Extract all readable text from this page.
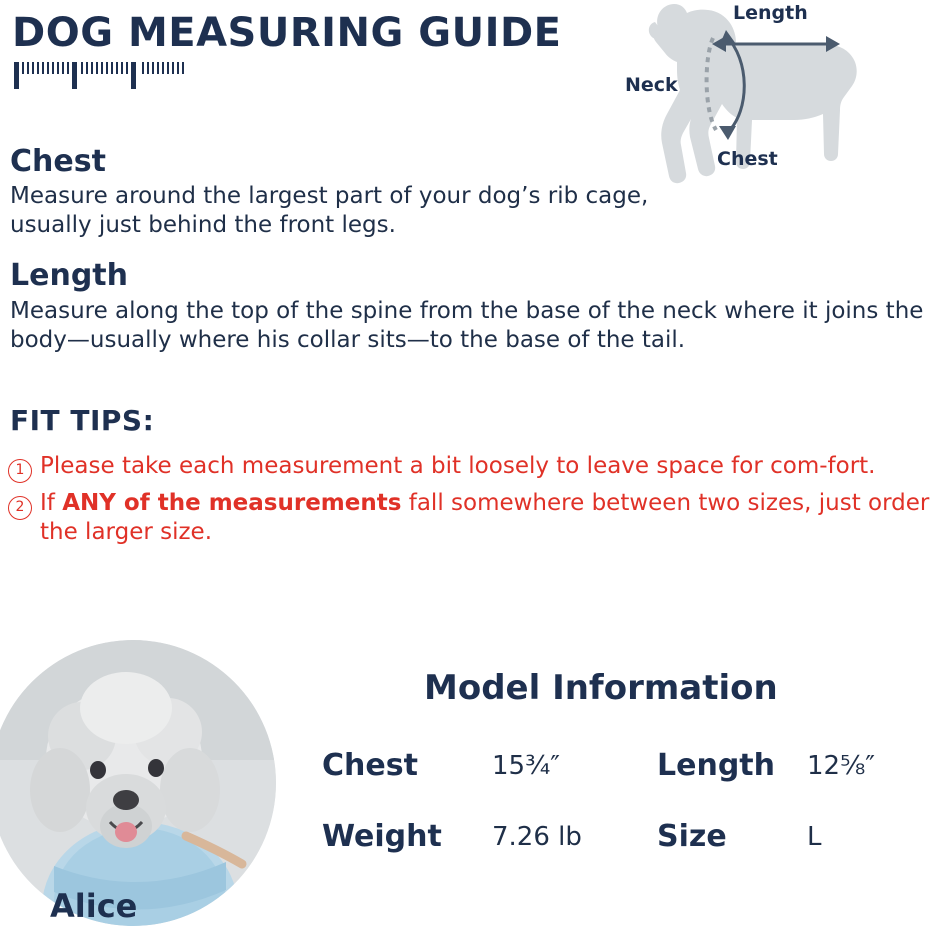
DOG MEASURING GUIDE	Length
Neck
Chest
Chest
Measure around the largest part of your dog’s rib cage, usually just behind the front legs.
Length
Measure along the top of the spine from the base of the neck where it joins the body—usually where his collar sits—to the base of the tail.
FIT TIPS:
1 Please take each measurement a bit loosely to leave space for com-fort.
2 If ANY of the measurements fall somewhere between two sizes, just order the larger size.
Alice
Model Information
Chest	15¾″	Length	12⅝″
Weight	7.26 lb	Size	L
